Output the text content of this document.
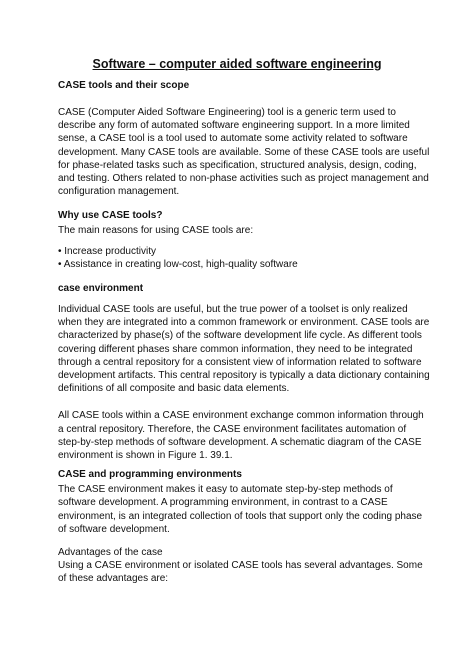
Software – computer aided software engineering
CASE tools and their scope

CASE (Computer Aided Software Engineering) tool is a generic term used to describe any form of automated software engineering support. In a more limited sense, a CASE tool is a tool used to automate some activity related to software development. Many CASE tools are available. Some of these CASE tools are useful for phase-related tasks such as specification, structured analysis, design, coding, and testing. Others related to non-phase activities such as project management and configuration management.

Why use CASE tools?

The main reasons for using CASE tools are:

• Increase productivity
• Assistance in creating low-cost, high-quality software
case environment

Individual CASE tools are useful, but the true power of a toolset is only realized when they are integrated into a common framework or environment. CASE tools are characterized by phase(s) of the software development life cycle. As different tools covering different phases share common information, they need to be integrated through a central repository for a consistent view of information related to software development artifacts. This central repository is typically a data dictionary containing definitions of all composite and basic data elements.

All CASE tools within a CASE environment exchange common information through a central repository. Therefore, the CASE environment facilitates automation of step-by-step methods of software development. A schematic diagram of the CASE environment is shown in Figure 1. 39.1.

CASE and programming environments

The CASE environment makes it easy to automate step-by-step methods of software development. A programming environment, in contrast to a CASE environment, is an integrated collection of tools that support only the coding phase of software development.

Advantages of the case

Using a CASE environment or isolated CASE tools has several advantages. Some of these advantages are:
